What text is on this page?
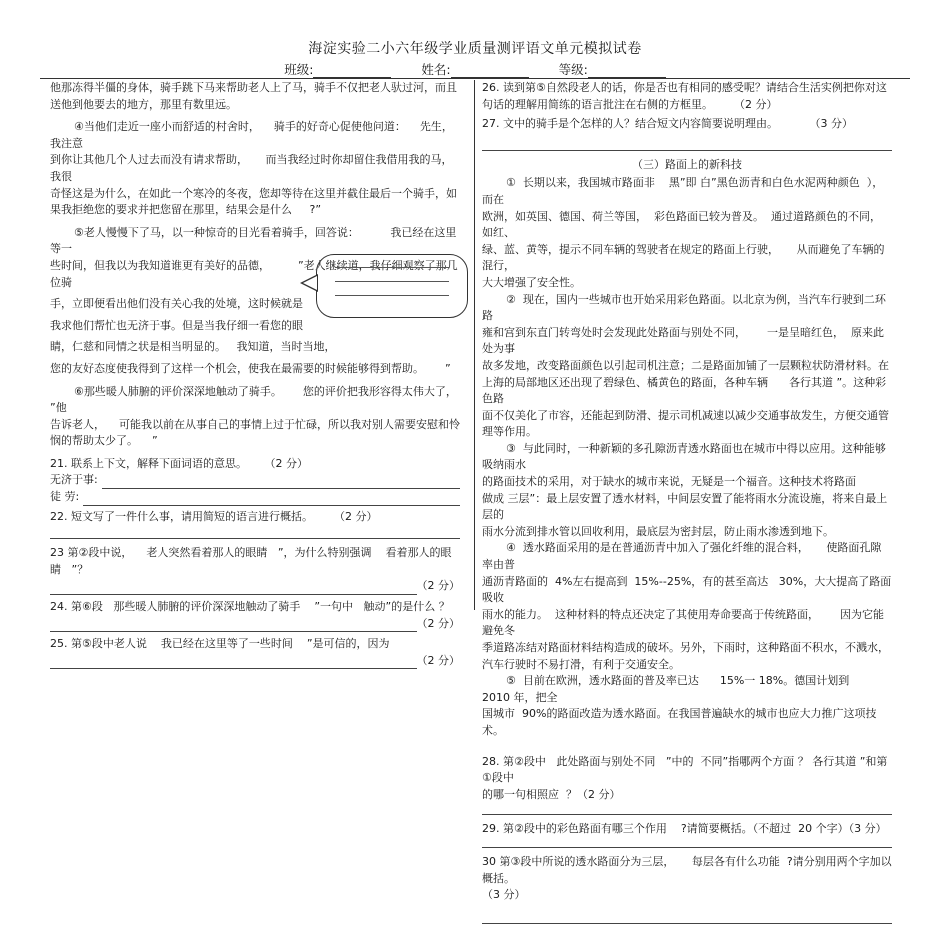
海淀实验二小六年级学业质量测评语文单元模拟试卷
班级:	姓名:	等级:

他那冻得半僵的身体，骑手跳下马来帮助老人上了马，骑手不仅把老人驮过河，而且

送他到他要去的地方，那里有数里远。

④当他们走近一座小而舒适的村舍时，    骑手的好奇心促使他问道：    先生，我注意

到你让其他几个人过去而没有请求帮助，     而当我经过时你却留住我借用我的马，我很

奇怪这是为什么，在如此一个寒冷的冬夜，您却等待在这里并截住最后一个骑手，如

果我拒绝您的要求并把您留在那里，结果会是什么     ?”

⑤老人慢慢下了马，以一种惊奇的目光看着骑手，回答说：         我已经在这里等一

些时间，但我以为我知道谁更有美好的品德，        ”老人继续道，我仔细观察了那几位骑

手，立即便看出他们没有关心我的处境，这时候就是

我求他们帮忙也无济于事。但是当我仔细一看您的眼

睛，仁慈和同情之状是相当明显的。   我知道，当时当地，

您的友好态度使我得到了这样一个机会，使我在最需要的时候能够得到帮助。      ”

⑥那些暖人肺腑的评价深深地触动了骑手。      您的评价把我形容得太伟大了，     ”他

告诉老人，    可能我以前在从事自己的事情上过于忙碌，所以我对别人需要安慰和怜

悯的帮助太少了。    ”

21. 联系上下文，解释下面词语的意思。     （2 分）

无济于事:
徒 劳:

22. 短文写了一件什么事，请用简短的语言进行概括。      （2 分）

23 第②段中说，    老人突然看着那人的眼睛   ”，为什么特别强调    看着那人的眼睛   ”？

（2 分）

24. 第⑥段   那些暖人肺腑的评价深深地触动了骑手    ”一句中   触动”的是什么 ？

（2 分）

25. 第⑤段中老人说    我已经在这里等了一些时间    ”是可信的，因为

（2 分）

26. 读到第⑤自然段老人的话，你是否也有相同的感受呢？请结合生活实例把你对这

句话的理解用简练的语言批注在右侧的方框里。      （2 分）

27. 文中的骑手是个怎样的人？结合短文内容简要说明理由。         （3 分）

（三）路面上的新科技

①  长期以来，我国城市路面非    黑”即 白”黑色沥青和白色水泥两种颜色  ），而在

欧洲，如英国、德国、荷兰等国，  彩色路面已较为普及。  通过道路颜色的不同，  如红、

绿、蓝、黄等，提示不同车辆的驾驶者在规定的路面上行驶，     从而避免了车辆的混行，

大大增强了安全性。

②  现在，国内一些城市也开始采用彩色路面。以北京为例，当汽车行驶到二环路

雍和宫到东直门转弯处时会发现此处路面与别处不同，      一是呈暗红色，  原来此处为事

故多发地，改变路面颜色以引起司机注意；二是路面加铺了一层颗粒状防滑材料。在

上海的局部地区还出现了碧绿色、橘黄色的路面，各种车辆      各行其道 ”。这种彩色路

面不仅美化了市容，还能起到防滑、提示司机减速以减少交通事故发生，方便交通管

理等作用。

③  与此同时，一种新颖的多孔隙沥青透水路面也在城市中得以应用。这种能够吸纳雨水

的路面技术的采用，对于缺水的城市来说，无疑是一个福音。这种技术将路面

做成 三层”：最上层安置了透水材料，中间层安置了能将雨水分流设施，将来自最上层的

雨水分流到排水管以回收利用，最底层为密封层，防止雨水渗透到地下。

④  透水路面采用的是在普通沥青中加入了强化纤维的混合料，     使路面孔隙率由普

通沥青路面的  4%左右提高到  15%--25%，有的甚至高达   30%，大大提高了路面吸收

雨水的能力。  这种材料的特点还决定了其使用寿命要高于传统路面，      因为它能避免冬

季道路冻结对路面材料结构造成的破坏。另外，下雨时，这种路面不积水，不溅水，

汽车行驶时不易打滑，有利于交通安全。

⑤  目前在欧洲，透水路面的普及率已达      15%一 18%。德国计划到     2010 年，把全

国城市  90%的路面改造为透水路面。在我国普遍缺水的城市也应大力推广这项技术。

28. 第②段中   此处路面与别处不同   ”中的  不同”指哪两个方面 ？ 各行其道 ”和第①段中

的哪一句相照应  ？（2 分）

29. 第②段中的彩色路面有哪三个作用    ?请简要概括。（不超过  20 个字）（3 分）

30 第③段中所说的透水路面分为三层，     每层各有什么功能  ?请分别用两个字加以概括。

（3 分）
